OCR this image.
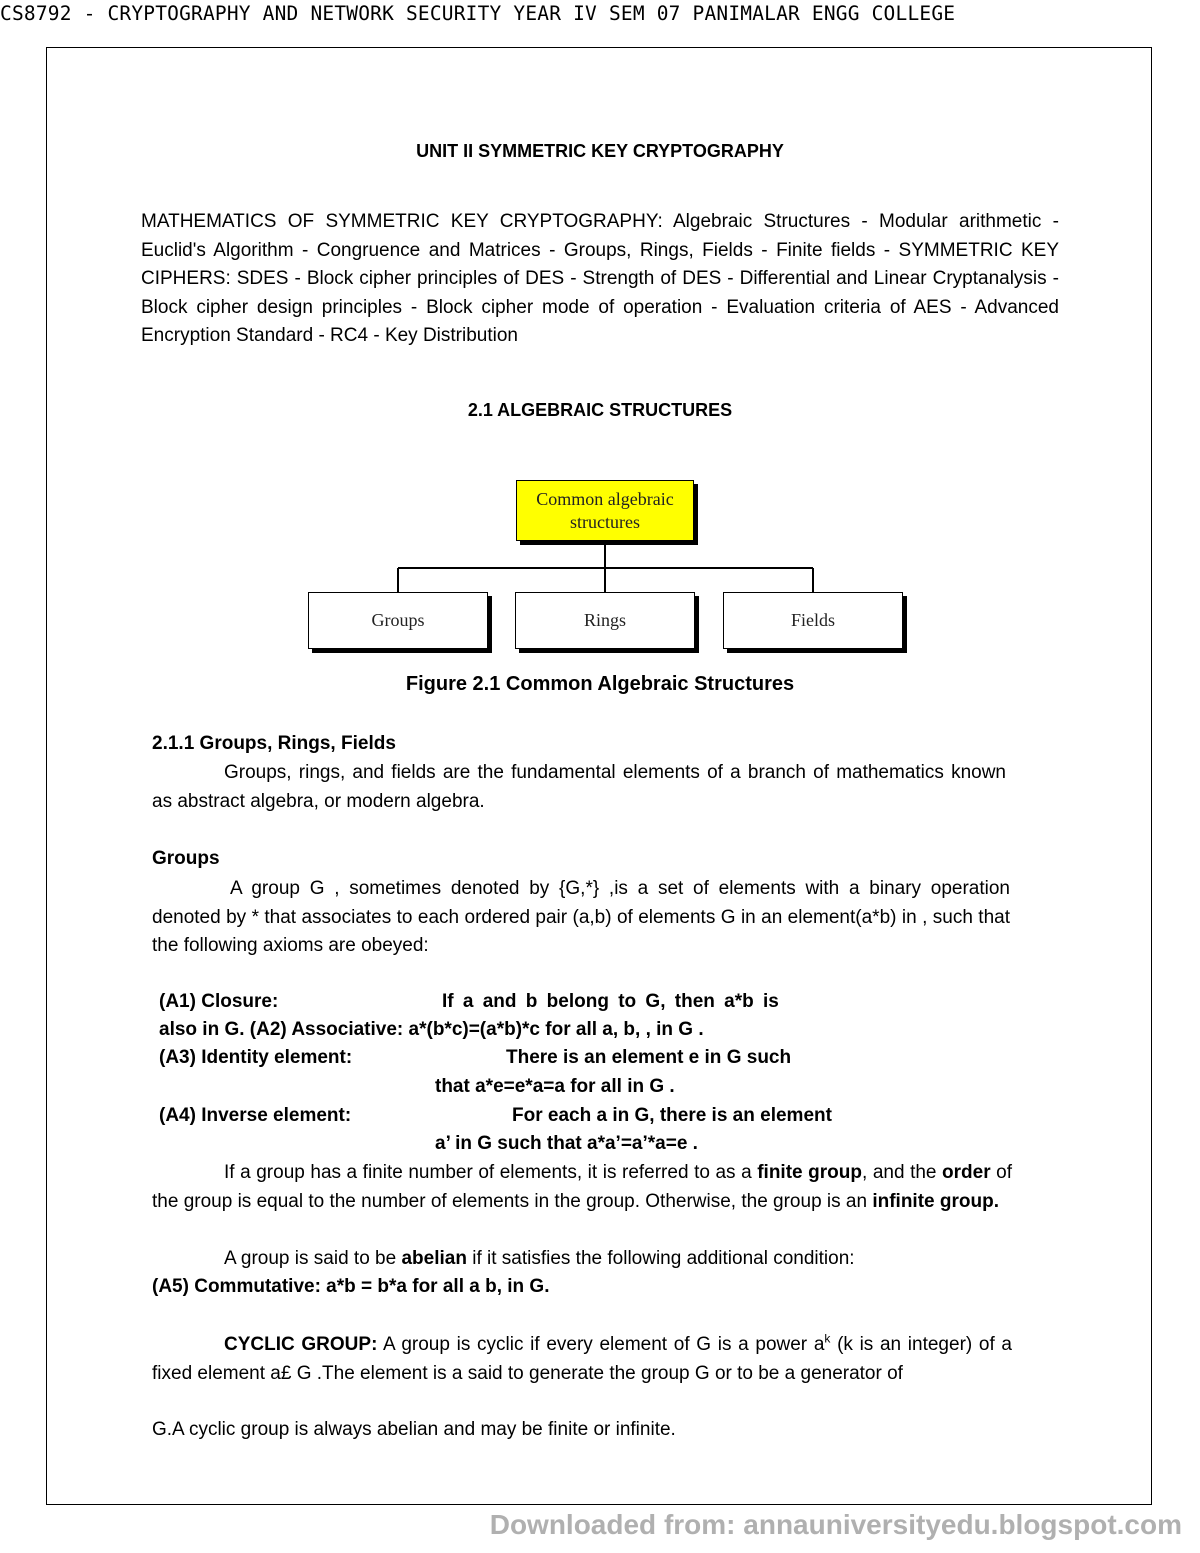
CS8792 - CRYPTOGRAPHY AND NETWORK SECURITY YEAR IV SEM 07 PANIMALAR ENGG COLLEGE
UNIT II SYMMETRIC KEY CRYPTOGRAPHY
MATHEMATICS OF SYMMETRIC KEY CRYPTOGRAPHY: Algebraic Structures - Modular arithmetic - Euclid's Algorithm - Congruence and Matrices - Groups, Rings, Fields - Finite fields - SYMMETRIC KEY CIPHERS: SDES - Block cipher principles of DES - Strength of DES - Differential and Linear Cryptanalysis - Block cipher design principles - Block cipher mode of operation - Evaluation criteria of AES - Advanced Encryption Standard - RC4 - Key Distribution
2.1 ALGEBRAIC STRUCTURES
Common algebraic structures
Groups	Rings	Fields
Figure 2.1 Common Algebraic Structures
2.1.1 Groups, Rings, Fields
Groups, rings, and fields are the fundamental elements of a branch of mathematics known as abstract algebra, or modern algebra.
Groups
A group G , sometimes denoted by {G,*} ,is a set of elements with a binary operation denoted by * that associates to each ordered pair (a,b) of elements G in an element(a*b) in , such that the following axioms are obeyed:
(A1) Closure:	If a and b belong to G, then a*b is
also in G. (A2) Associative: a*(b*c)=(a*b)*c for all a, b, , in G .
(A3) Identity element:	There is an element e in G such
that a*e=e*a=a for all in G .
(A4) Inverse element:	For each a in G, there is an element
a’ in G such that a*a’=a’*a=e .
If a group has a finite number of elements, it is referred to as a finite group, and the order of the group is equal to the number of elements in the group. Otherwise, the group is an infinite group.
A group is said to be abelian if it satisfies the following additional condition:
(A5) Commutative: a*b = b*a for all a b, in G.
CYCLIC GROUP: A group is cyclic if every element of G is a power $a^k$ (k is an integer) of a fixed element a£ G .The element is a said to generate the group G or to be a generator of
G.A cyclic group is always abelian and may be finite or infinite.
Downloaded from: annauniversityedu.blogspot.com
